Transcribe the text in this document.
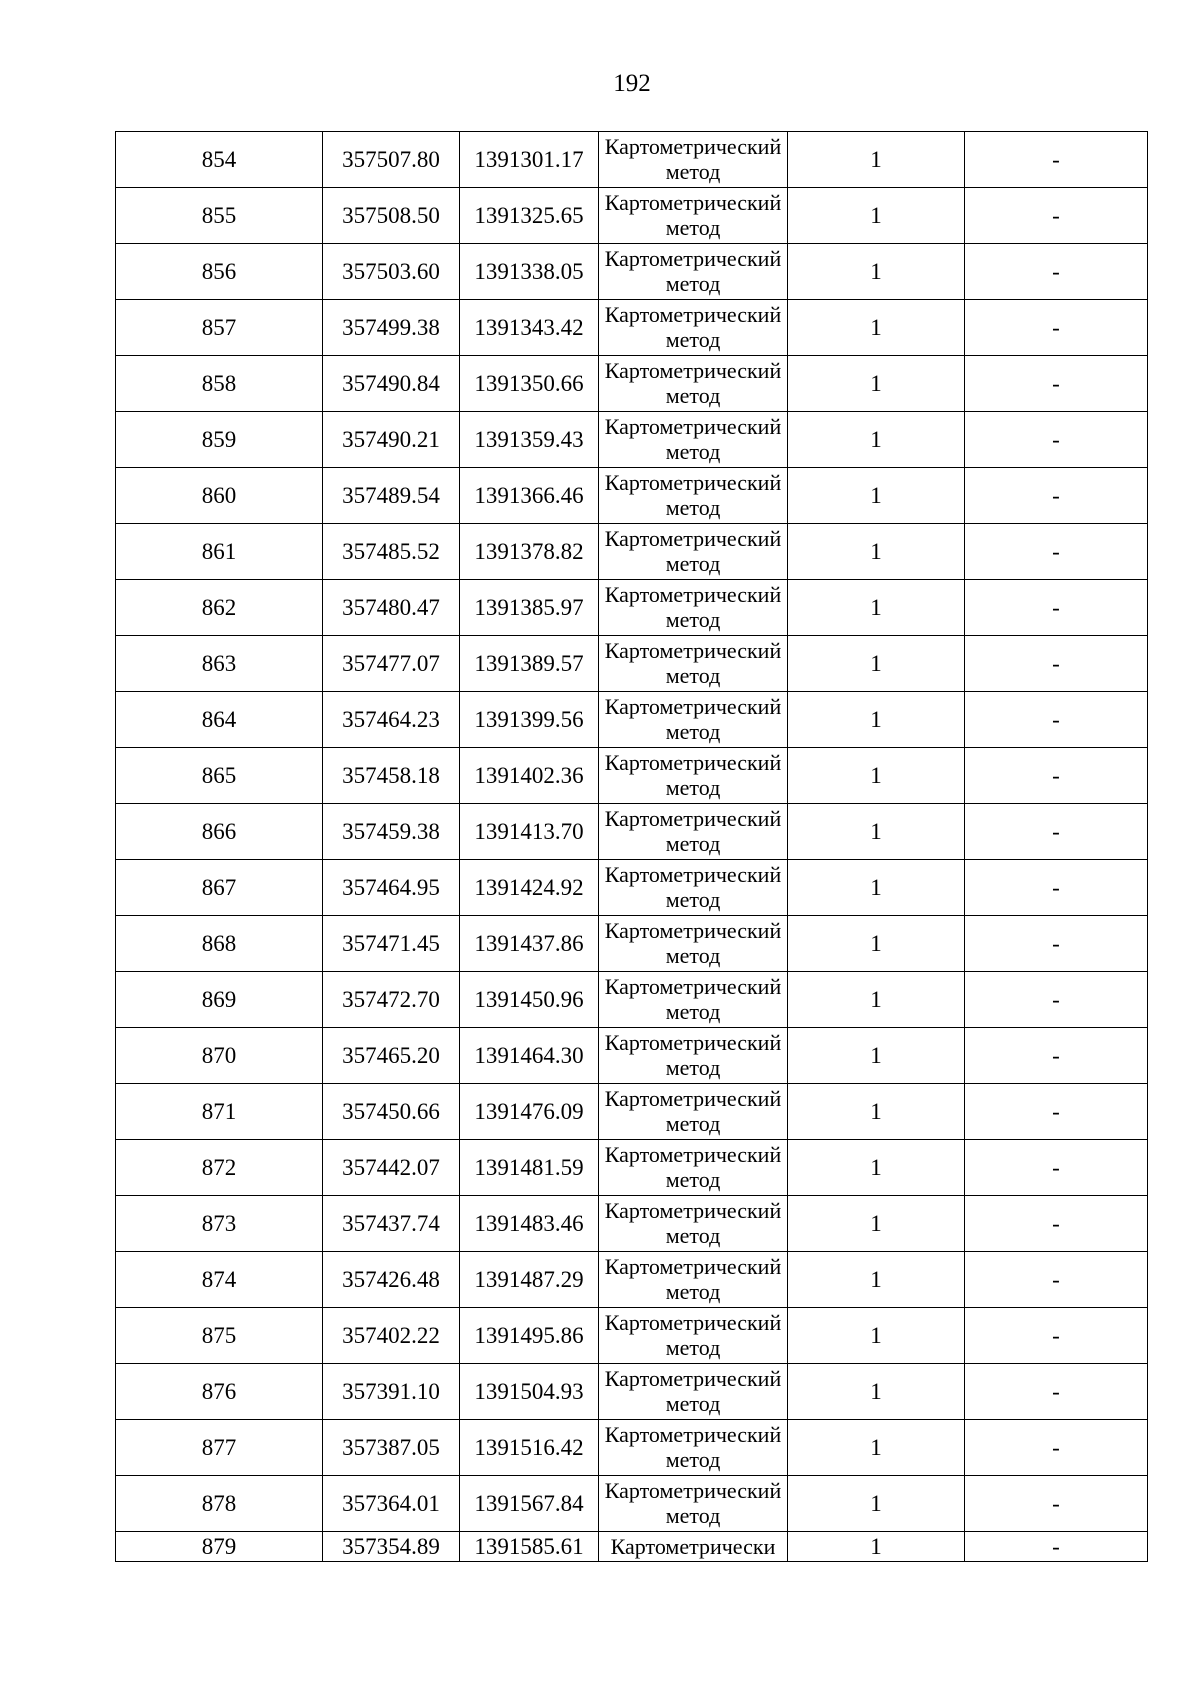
192
854	357507.80	1391301.17	Картометрический метод	1	-
855	357508.50	1391325.65	Картометрический метод	1	-
856	357503.60	1391338.05	Картометрический метод	1	-
857	357499.38	1391343.42	Картометрический метод	1	-
858	357490.84	1391350.66	Картометрический метод	1	-
859	357490.21	1391359.43	Картометрический метод	1	-
860	357489.54	1391366.46	Картометрический метод	1	-
861	357485.52	1391378.82	Картометрический метод	1	-
862	357480.47	1391385.97	Картометрический метод	1	-
863	357477.07	1391389.57	Картометрический метод	1	-
864	357464.23	1391399.56	Картометрический метод	1	-
865	357458.18	1391402.36	Картометрический метод	1	-
866	357459.38	1391413.70	Картометрический метод	1	-
867	357464.95	1391424.92	Картометрический метод	1	-
868	357471.45	1391437.86	Картометрический метод	1	-
869	357472.70	1391450.96	Картометрический метод	1	-
870	357465.20	1391464.30	Картометрический метод	1	-
871	357450.66	1391476.09	Картометрический метод	1	-
872	357442.07	1391481.59	Картометрический метод	1	-
873	357437.74	1391483.46	Картометрический метод	1	-
874	357426.48	1391487.29	Картометрический метод	1	-
875	357402.22	1391495.86	Картометрический метод	1	-
876	357391.10	1391504.93	Картометрический метод	1	-
877	357387.05	1391516.42	Картометрический метод	1	-
878	357364.01	1391567.84	Картометрический метод	1	-
879	357354.89	1391585.61	Картометрически	1	-
